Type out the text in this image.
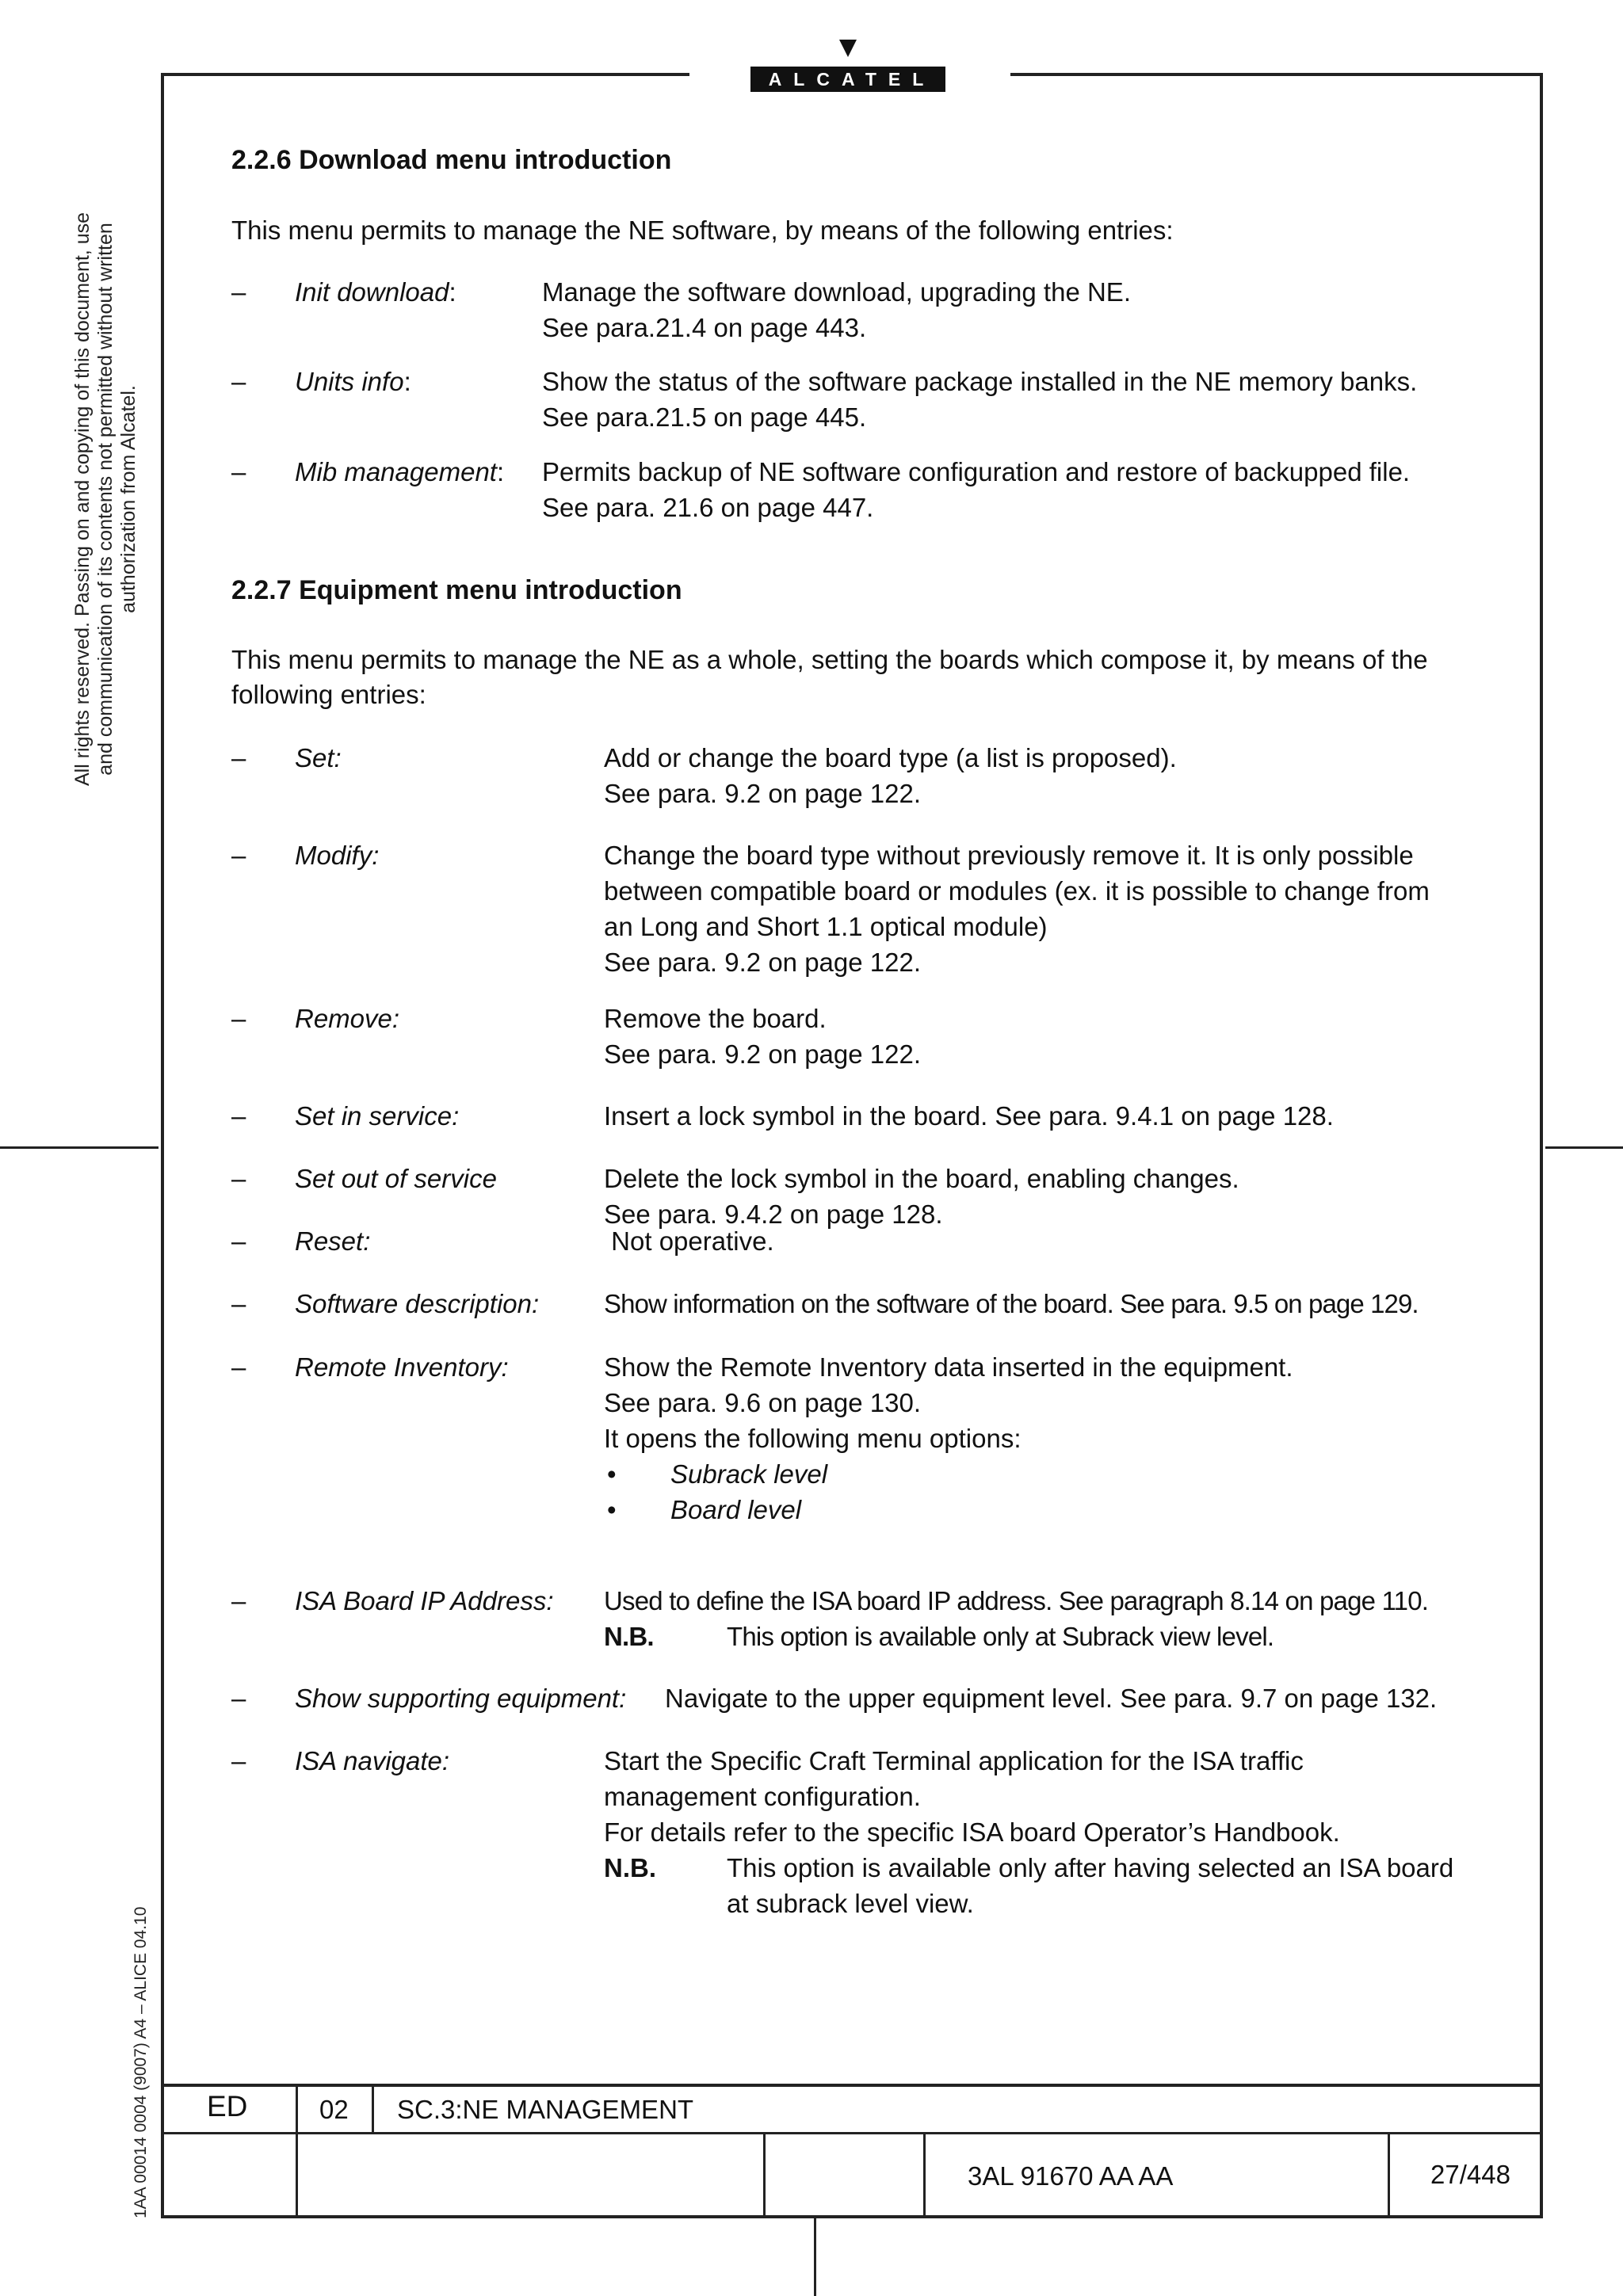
ALCATEL
All rights reserved. Passing on and copying of this document, use and communication of its contents not permitted without written authorization from Alcatel.
1AA 00014 0004 (9007) A4 – ALICE 04.10
2.2.6 Download menu introduction

This menu permits to manage the NE software, by means of the following entries:

– Init download:	Manage the software download, upgrading the NE.
See para.21.4 on page 443.
– Units info:	Show the status of the software package installed in the NE memory banks.
See para.21.5 on page 445.
– Mib management: Permits backup of NE software configuration and restore of backupped file.
See para. 21.6 on page 447.
2.2.7 Equipment menu introduction

This menu permits to manage the NE as a whole, setting the boards which compose it, by means of the

following entries:

– Set:	Add or change the board type (a list is proposed).
See para. 9.2 on page 122.
– Modify:	Change the board type without previously remove it. It is only possible
between compatible board or modules (ex. it is possible to change from
an Long and Short 1.1 optical module)
See para. 9.2 on page 122.
– Remove:	Remove the board.
See para. 9.2 on page 122.
– Set in service:	Insert a lock symbol in the board. See para. 9.4.1 on page 128.
– Set out of service	Delete the lock symbol in the board, enabling changes.
See para. 9.4.2 on page 128.
– Reset:	Not operative.
– Software description: Show information on the software of the board. See para. 9.5 on page 129.
– Remote Inventory:	Show the Remote Inventory data inserted in the equipment.
See para. 9.6 on page 130.
It opens the following menu options:
•	Subrack level
•	Board level
– ISA Board IP Address: Used to define the ISA board IP address. See paragraph 8.14 on page 110.
N.B.	This option is available only at Subrack view level.
– Show supporting equipment: Navigate to the upper equipment level. See para. 9.7 on page 132.
– ISA navigate:	Start the Specific Craft Terminal application for the ISA traffic
management configuration.
For details refer to the specific ISA board Operator’s Handbook.
N.B.	This option is available only after having selected an ISA board
at subrack level view.
ED	02 SC.3:NE MANAGEMENT
3AL 91670 AA AA	27/448
